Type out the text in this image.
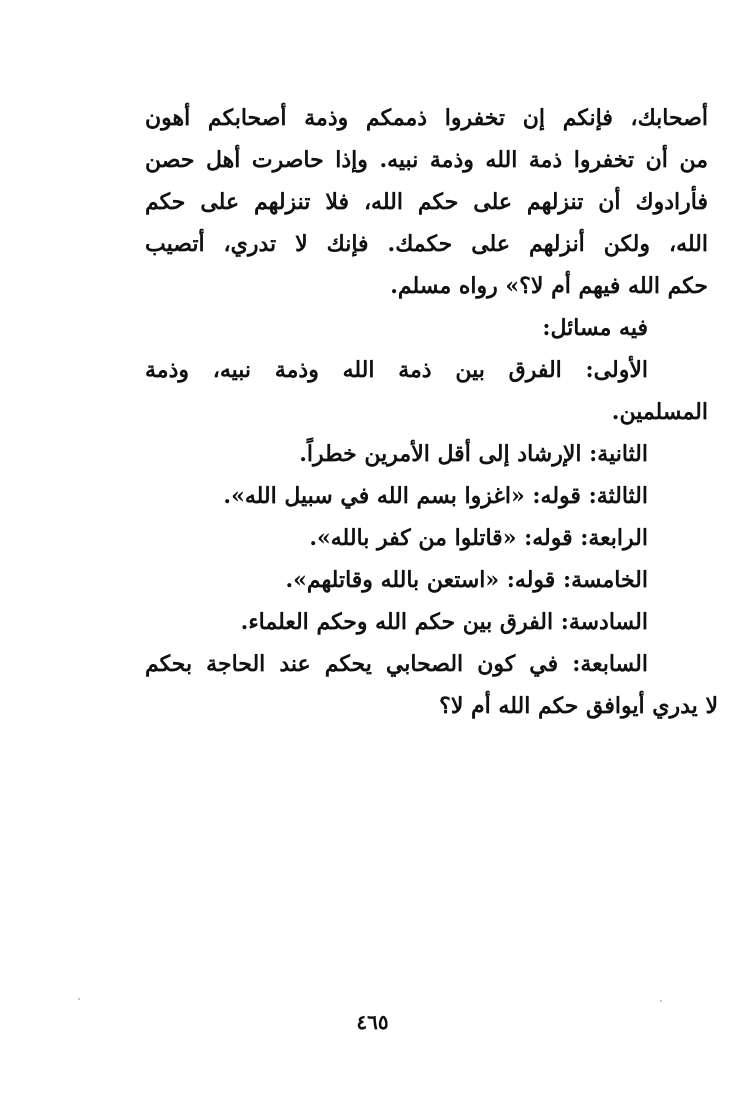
أصحابك، فإنكم إن تخفروا ذممكم وذمة أصحابكم أهون
من أن تخفروا ذمة الله وذمة نبيه. وإذا حاصرت أهل حصن
فأرادوك أن تنزلهم على حكم الله، فلا تنزلهم على حكم
الله، ولكن أنزلهم على حكمك. فإنك لا تدري، أتصيب
حكم الله فيهم أم لا؟» رواه مسلم.
فيه مسائل:
الأولى: الفرق بين ذمة الله وذمة نبيه، وذمة
المسلمين.
الثانية: الإرشاد إلى أقل الأمرين خطراً.
الثالثة: قوله: «اغزوا بسم الله في سبيل الله».
الرابعة: قوله: «قاتلوا من كفر بالله».
الخامسة: قوله: «استعن بالله وقاتلهم».
السادسة: الفرق بين حكم الله وحكم العلماء.
السابعة: في كون الصحابي يحكم عند الحاجة بحكم
لا يدري أيوافق حكم الله أم لا؟
٤٦٥
